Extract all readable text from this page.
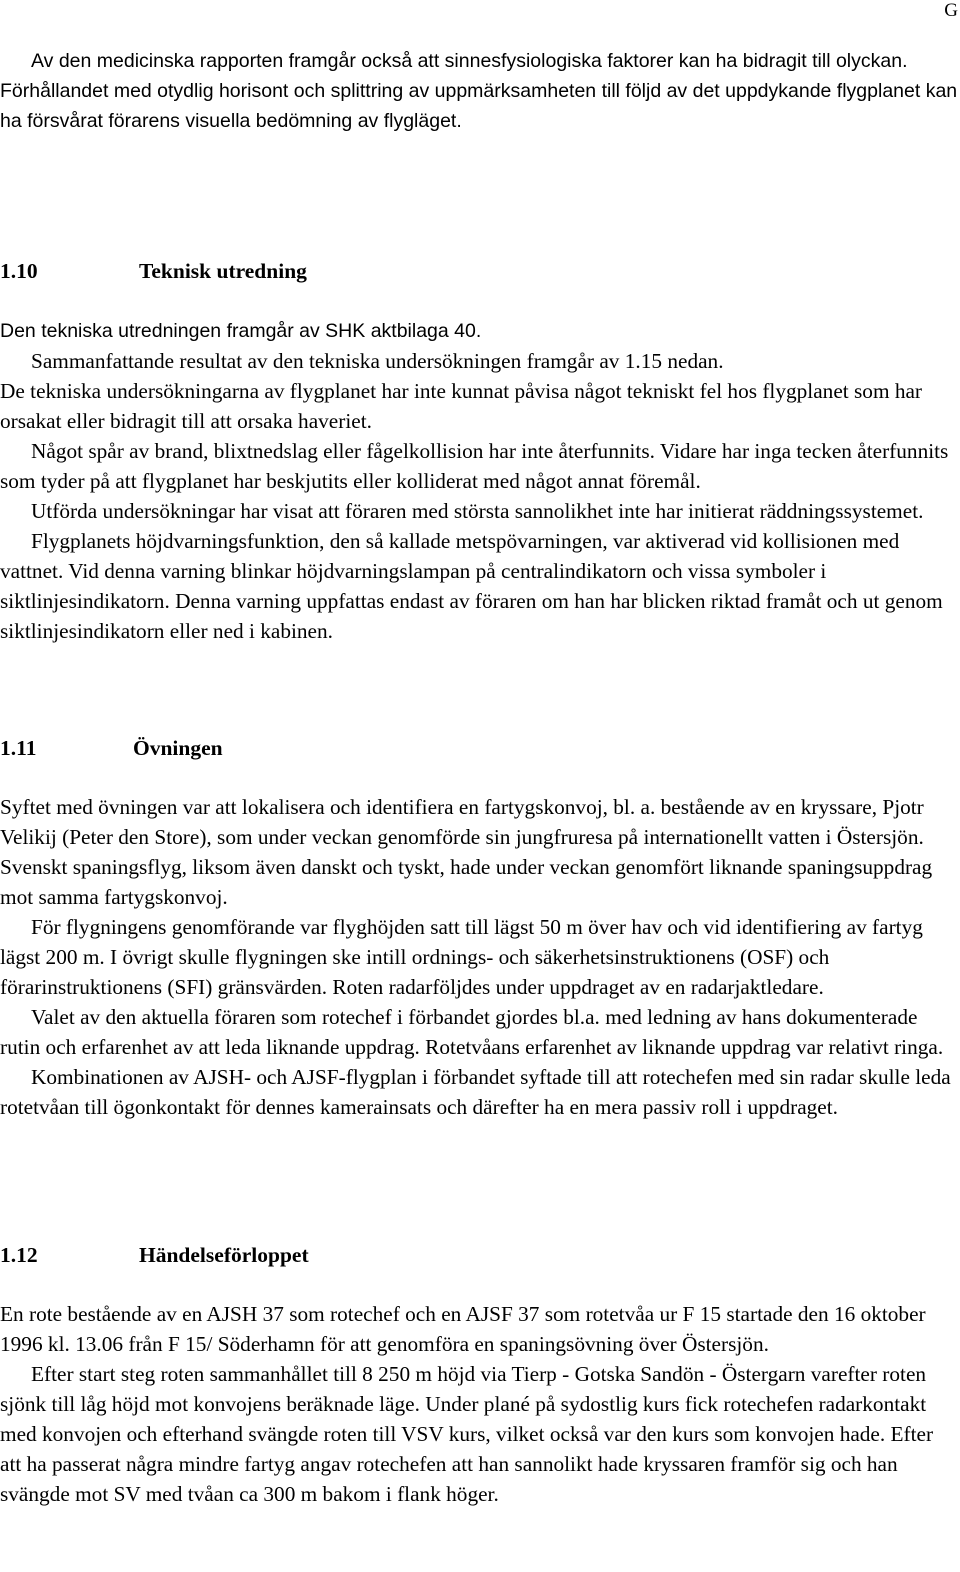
G

Av den medicinska rapporten framgår också att sinnesfysiologiska faktorer kan ha bidragit till olyckan. Förhållandet med otydlig horisont och splittring av uppmärksamheten till följd av det uppdykande flygplanet kan ha försvårat förarens visuella bedömning av flygläget.

1.10	Teknisk utredning

Den tekniska utredningen framgår av SHK aktbilaga 40.

Sammanfattande resultat av den tekniska undersökningen framgår av 1.15 nedan.

De tekniska undersökningarna av flygplanet har inte kunnat påvisa något tekniskt fel hos flygplanet som har orsakat eller bidragit till att orsaka haveriet.

Något spår av brand, blixtnedslag eller fågelkollision har inte återfunnits. Vidare har inga tecken återfunnits som tyder på att flygplanet har beskjutits eller kolliderat med något annat föremål.

Utförda undersökningar har visat att föraren med största sannolikhet inte har initierat räddningssystemet.

Flygplanets höjdvarningsfunktion, den så kallade metspövarningen, var aktiverad vid kollisionen med vattnet. Vid denna varning blinkar höjdvarningslampan på centralindikatorn och vissa symboler i siktlinjesindikatorn. Denna varning uppfattas endast av föraren om han har blicken riktad framåt och ut genom siktlinjesindikatorn eller ned i kabinen.

1.11	Övningen

Syftet med övningen var att lokalisera och identifiera en fartygskonvoj, bl. a. bestående av en kryssare, Pjotr Velikij (Peter den Store), som under veckan genomförde sin jungfruresa på internationellt vatten i Östersjön. Svenskt spaningsflyg, liksom även danskt och tyskt, hade under veckan genomfört liknande spaningsuppdrag mot samma fartygskonvoj.

För flygningens genomförande var flyghöjden satt till lägst 50 m över hav och vid identifiering av fartyg lägst 200 m. I övrigt skulle flygningen ske intill ordnings- och säkerhetsinstruktionens (OSF) och förarinstruktionens (SFI) gränsvärden. Roten radarföljdes under uppdraget av en radarjaktledare.

Valet av den aktuella föraren som rotechef i förbandet gjordes bl.a. med ledning av hans dokumenterade rutin och erfarenhet av att leda liknande uppdrag. Rotetvåans erfarenhet av liknande uppdrag var relativt ringa.

Kombinationen av AJSH- och AJSF-flygplan i förbandet syftade till att rotechefen med sin radar skulle leda rotetvåan till ögonkontakt för dennes kamerainsats och därefter ha en mera passiv roll i uppdraget.

1.12	Händelseförloppet

En rote bestående av en AJSH 37 som rotechef och en AJSF 37 som rotetvåa ur F 15 startade den 16 oktober 1996 kl. 13.06 från F 15/ Söderhamn för att genomföra en spaningsövning över Östersjön.

Efter start steg roten sammanhållet till 8 250 m höjd via Tierp - Gotska Sandön - Östergarn varefter roten sjönk till låg höjd mot konvojens beräknade läge. Under plané på sydostlig kurs fick rotechefen radarkontakt med konvojen och efterhand svängde roten till VSV kurs, vilket också var den kurs som konvojen hade. Efter att ha passerat några mindre fartyg angav rotechefen att han sannolikt hade kryssaren framför sig och han svängde mot SV med tvåan ca 300 m bakom i flank höger.
